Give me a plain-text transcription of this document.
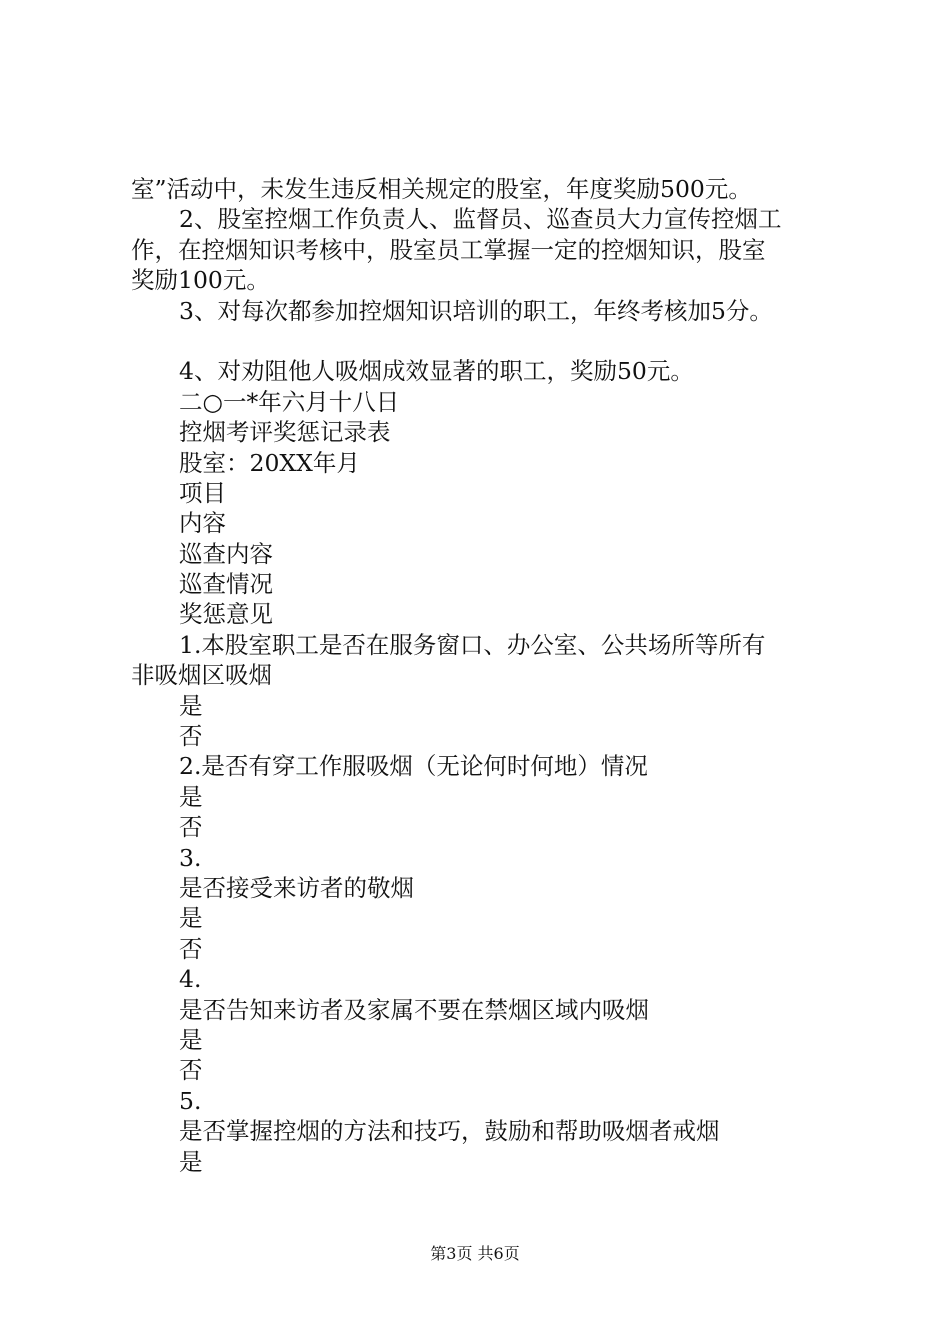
室”活动中，未发生违反相关规定的股室，年度奖励500元。
2、股室控烟工作负责人、监督员、巡查员大力宣传控烟工
作，在控烟知识考核中，股室员工掌握一定的控烟知识，股室
奖励100元。
3、对每次都参加控烟知识培训的职工，年终考核加5分。
4、对劝阻他人吸烟成效显著的职工，奖励50元。
二○一*年六月十八日
控烟考评奖惩记录表
股室：20XX年月
项目
内容
巡查内容
巡查情况
奖惩意见
1.本股室职工是否在服务窗口、办公室、公共场所等所有
非吸烟区吸烟
是
否
2.是否有穿工作服吸烟（无论何时何地）情况
是
否
3.
是否接受来访者的敬烟
是
否
4.
是否告知来访者及家属不要在禁烟区域内吸烟
是
否
5.
是否掌握控烟的方法和技巧，鼓励和帮助吸烟者戒烟
是
第3页 共6页
